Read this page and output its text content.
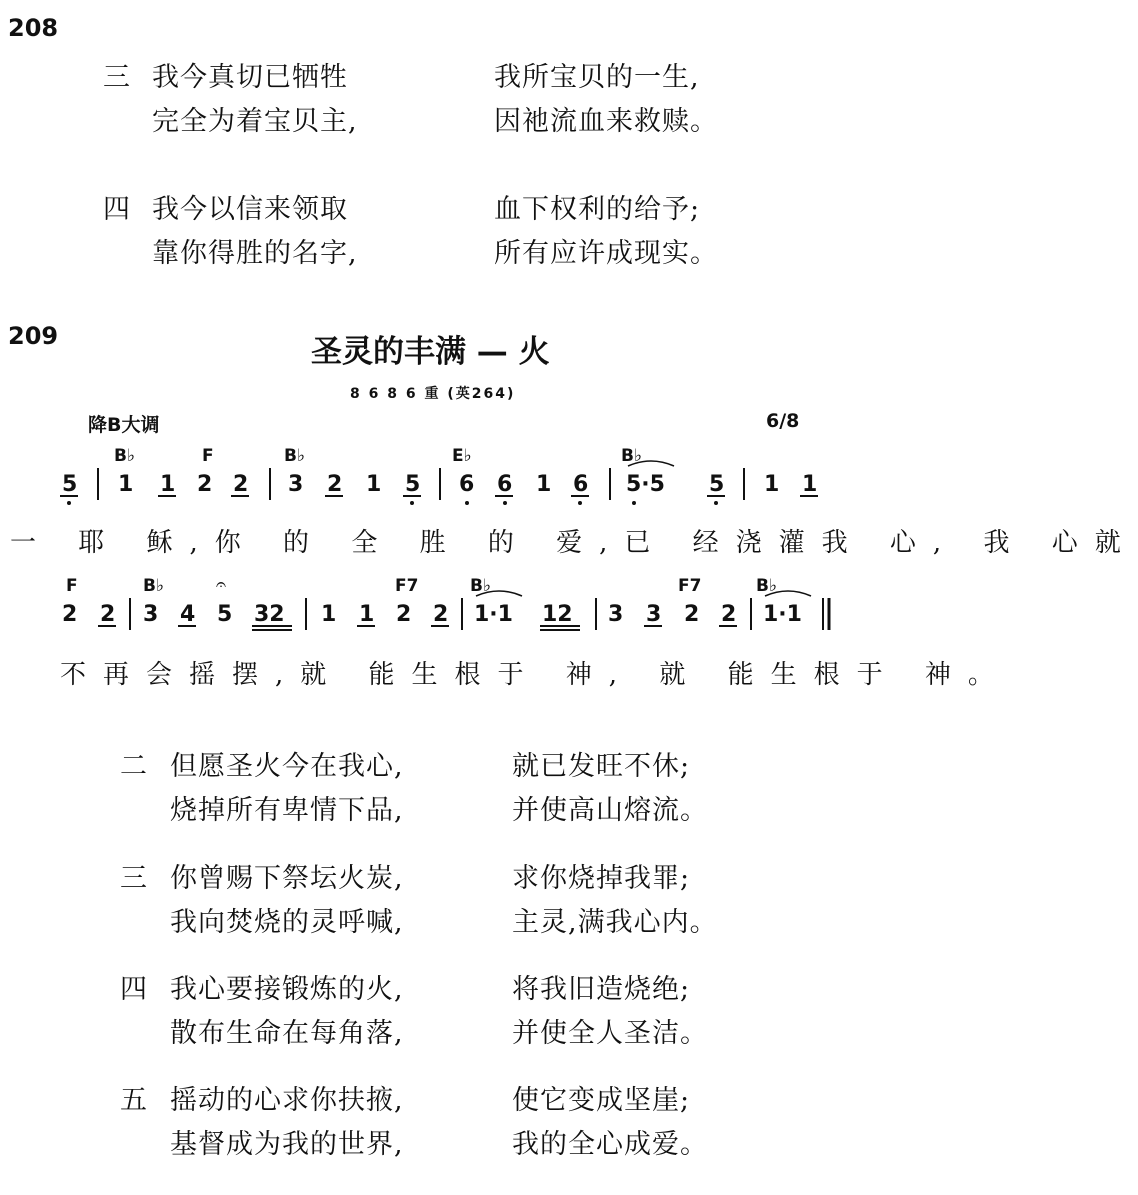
208
三 我今真切已牺牲	我所宝贝的一生,
完全为着宝贝主,	因祂流血来救赎。
四 我今以信来领取	血下权利的给予;
靠你得胜的名字,	所有应许成现实。
209	圣灵的丰满 — 火
8 6 8 6 重 (英264)
降B大调	6/8
B♭	F	B♭	E♭	B♭
5 1 1 2 2 3 2 1 5 6 6 1 6 5·5 5 1 1
一 耶 稣,你 的 全 胜 的 爱,已 经浇灌我 心, 我 心就
F	B♭	𝄐	F7	B♭	F7	B♭
2 2 3 4 5 32 1 1 2 2 1·1 12 3 3 2 2 1·1
不再会摇摆,就 能生根于 神, 就 能生根于 神。
二 但愿圣火今在我心,	就已发旺不休;
烧掉所有卑情下品,	并使高山熔流。
三 你曾赐下祭坛火炭,	求你烧掉我罪;
我向焚烧的灵呼喊,	主灵,满我心内。
四 我心要接锻炼的火,	将我旧造烧绝;
散布生命在每角落,	并使全人圣洁。
五 摇动的心求你扶掖,	使它变成坚崖;
基督成为我的世界,	我的全心成爱。
